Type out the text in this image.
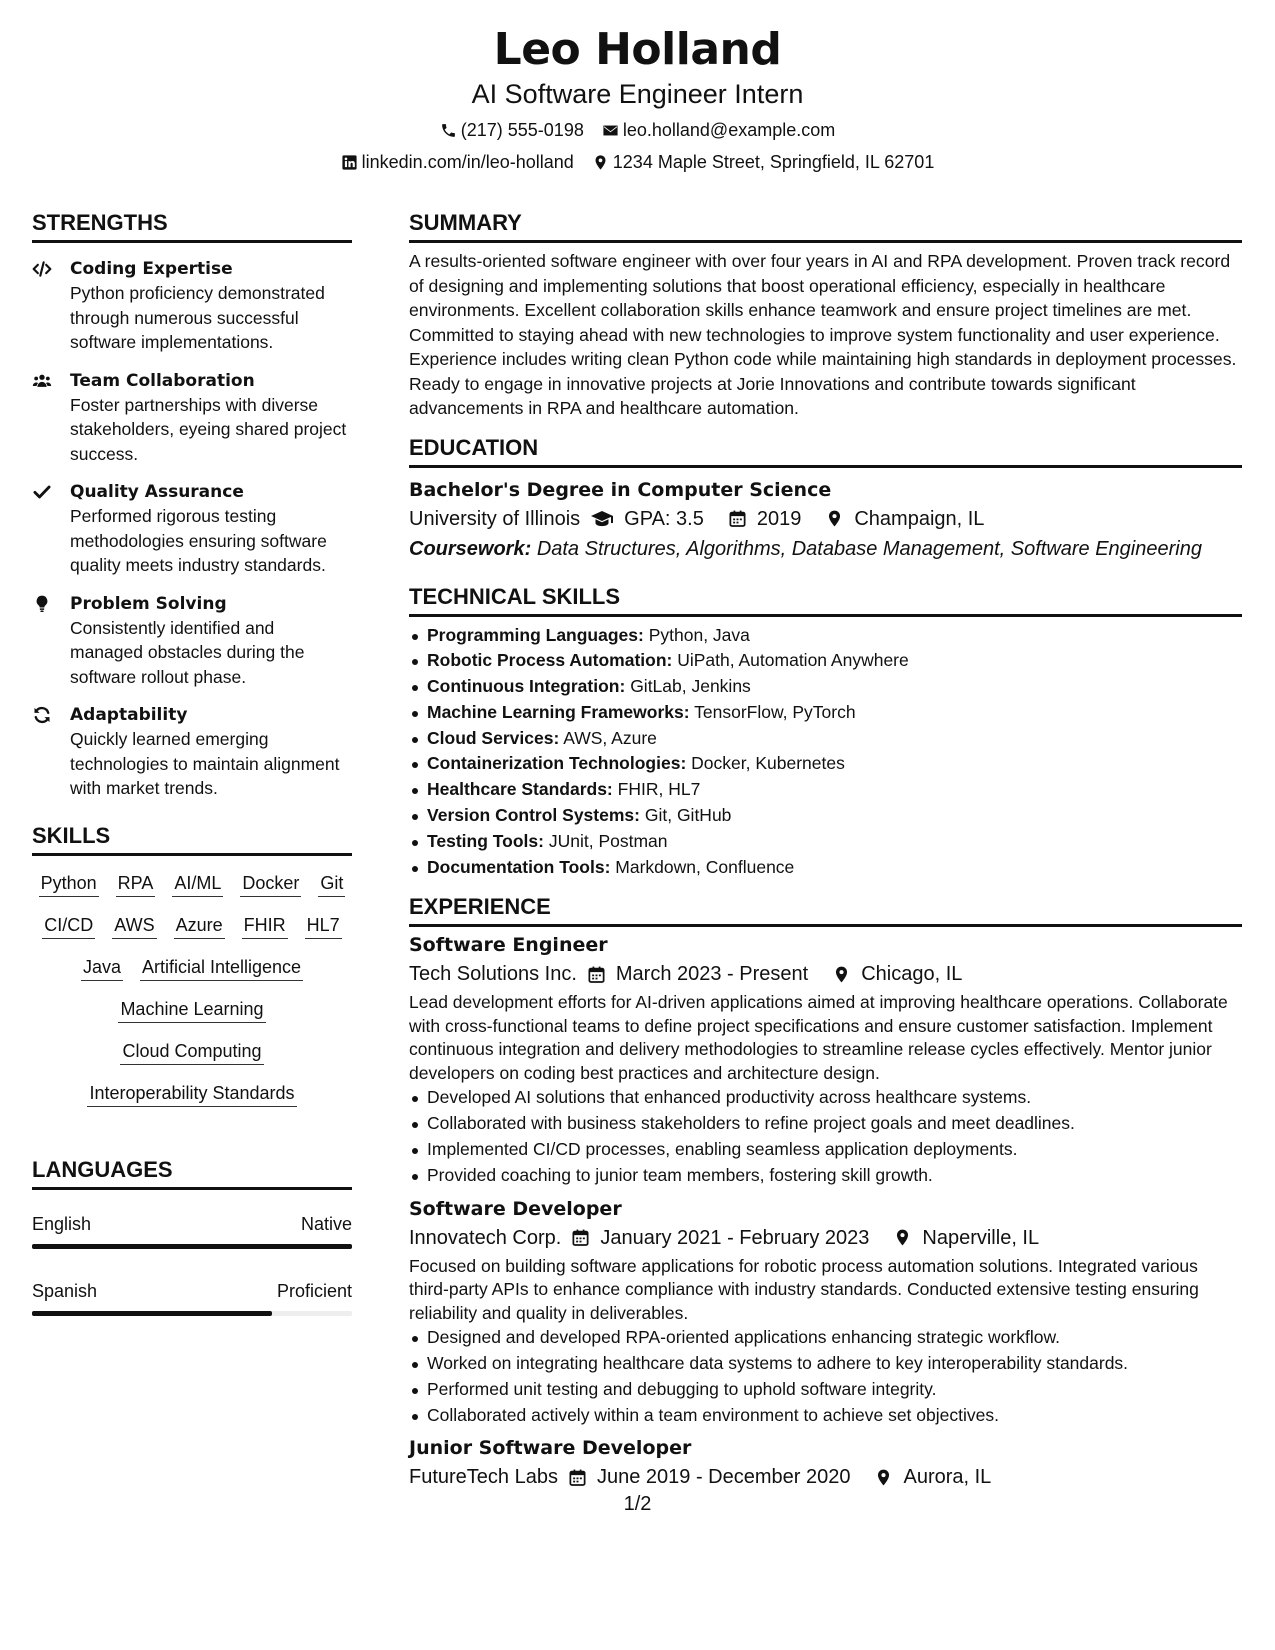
Leo Holland
AI Software Engineer Intern
(217) 555-0198 leo.holland@example.com
linkedin.com/in/leo-holland 1234 Maple Street, Springfield, IL 62701
STRENGTHS
Coding Expertise
Python proficiency demonstrated through numerous successful software implementations.
Team Collaboration
Foster partnerships with diverse stakeholders, eyeing shared project success.
Quality Assurance
Performed rigorous testing methodologies ensuring software quality meets industry standards.
Problem Solving
Consistently identified and managed obstacles during the software rollout phase.
Adaptability
Quickly learned emerging technologies to maintain alignment with market trends.
SKILLS
Python RPA AI/ML Docker Git
CI/CD AWS Azure FHIR HL7
Java Artificial Intelligence
Machine Learning
Cloud Computing
Interoperability Standards
LANGUAGES
English	Native
Spanish	Proficient
SUMMARY
A results-oriented software engineer with over four years in AI and RPA development. Proven track record of designing and implementing solutions that boost operational efficiency, especially in healthcare environments. Excellent collaboration skills enhance teamwork and ensure project timelines are met. Committed to staying ahead with new technologies to improve system functionality and user experience. Experience includes writing clean Python code while maintaining high standards in deployment processes. Ready to engage in innovative projects at Jorie Innovations and contribute towards significant advancements in RPA and healthcare automation.
EDUCATION
Bachelor's Degree in Computer Science
University of Illinois GPA: 3.5	2019	Champaign, IL
Coursework: Data Structures, Algorithms, Database Management, Software Engineering
TECHNICAL SKILLS
Programming Languages: Python, Java
Robotic Process Automation: UiPath, Automation Anywhere
Continuous Integration: GitLab, Jenkins
Machine Learning Frameworks: TensorFlow, PyTorch
Cloud Services: AWS, Azure
Containerization Technologies: Docker, Kubernetes
Healthcare Standards: FHIR, HL7
Version Control Systems: Git, GitHub
Testing Tools: JUnit, Postman
Documentation Tools: Markdown, Confluence
EXPERIENCE
Software Engineer
Tech Solutions Inc. March 2023 - Present	Chicago, IL
Lead development efforts for AI-driven applications aimed at improving healthcare operations. Collaborate with cross-functional teams to define project specifications and ensure customer satisfaction. Implement continuous integration and delivery methodologies to streamline release cycles effectively. Mentor junior developers on coding best practices and architecture design.
Developed AI solutions that enhanced productivity across healthcare systems.
Collaborated with business stakeholders to refine project goals and meet deadlines.
Implemented CI/CD processes, enabling seamless application deployments.
Provided coaching to junior team members, fostering skill growth.
Software Developer
Innovatech Corp. January 2021 - February 2023	Naperville, IL
Focused on building software applications for robotic process automation solutions. Integrated various third-party APIs to enhance compliance with industry standards. Conducted extensive testing ensuring reliability and quality in deliverables.
Designed and developed RPA-oriented applications enhancing strategic workflow.
Worked on integrating healthcare data systems to adhere to key interoperability standards.
Performed unit testing and debugging to uphold software integrity.
Collaborated actively within a team environment to achieve set objectives.
Junior Software Developer
FutureTech Labs June 2019 - December 2020	Aurora, IL
1/2
